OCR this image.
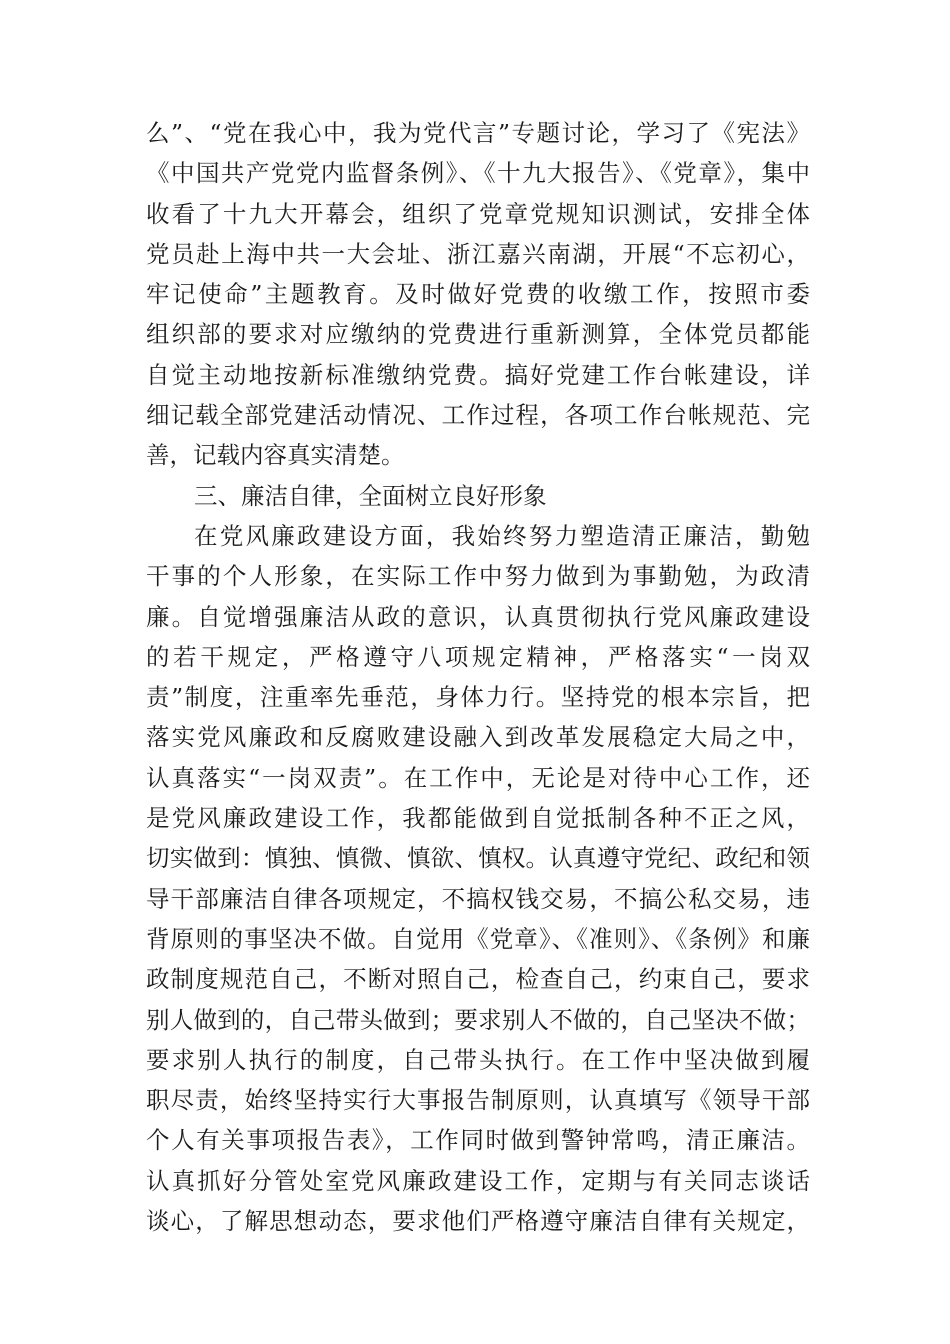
么”、“党在我心中，我为党代言”专题讨论，学习了《宪法》
《中国共产党党内监督条例》、《十九大报告》、《党章》，集中
收看了十九大开幕会，组织了党章党规知识测试，安排全体
党员赴上海中共一大会址、浙江嘉兴南湖，开展“不忘初心，
牢记使命”主题教育。及时做好党费的收缴工作，按照市委
组织部的要求对应缴纳的党费进行重新测算，全体党员都能
自觉主动地按新标准缴纳党费。搞好党建工作台帐建设，详
细记载全部党建活动情况、工作过程，各项工作台帐规范、完
善，记载内容真实清楚。
三、廉洁自律，全面树立良好形象
在党风廉政建设方面，我始终努力塑造清正廉洁，勤勉
干事的个人形象，在实际工作中努力做到为事勤勉，为政清
廉。自觉增强廉洁从政的意识，认真贯彻执行党风廉政建设
的若干规定，严格遵守八项规定精神，严格落实“一岗双
责”制度，注重率先垂范，身体力行。坚持党的根本宗旨，把
落实党风廉政和反腐败建设融入到改革发展稳定大局之中，
认真落实“一岗双责”。在工作中，无论是对待中心工作，还
是党风廉政建设工作，我都能做到自觉抵制各种不正之风，
切实做到：慎独、慎微、慎欲、慎权。认真遵守党纪、政纪和领
导干部廉洁自律各项规定，不搞权钱交易，不搞公私交易，违
背原则的事坚决不做。自觉用《党章》、《准则》、《条例》和廉
政制度规范自己，不断对照自己，检查自己，约束自己，要求
别人做到的，自己带头做到；要求别人不做的，自己坚决不做；
要求别人执行的制度，自己带头执行。在工作中坚决做到履
职尽责，始终坚持实行大事报告制原则，认真填写《领导干部
个人有关事项报告表》，工作同时做到警钟常鸣，清正廉洁。
认真抓好分管处室党风廉政建设工作，定期与有关同志谈话
谈心，了解思想动态，要求他们严格遵守廉洁自律有关规定，
